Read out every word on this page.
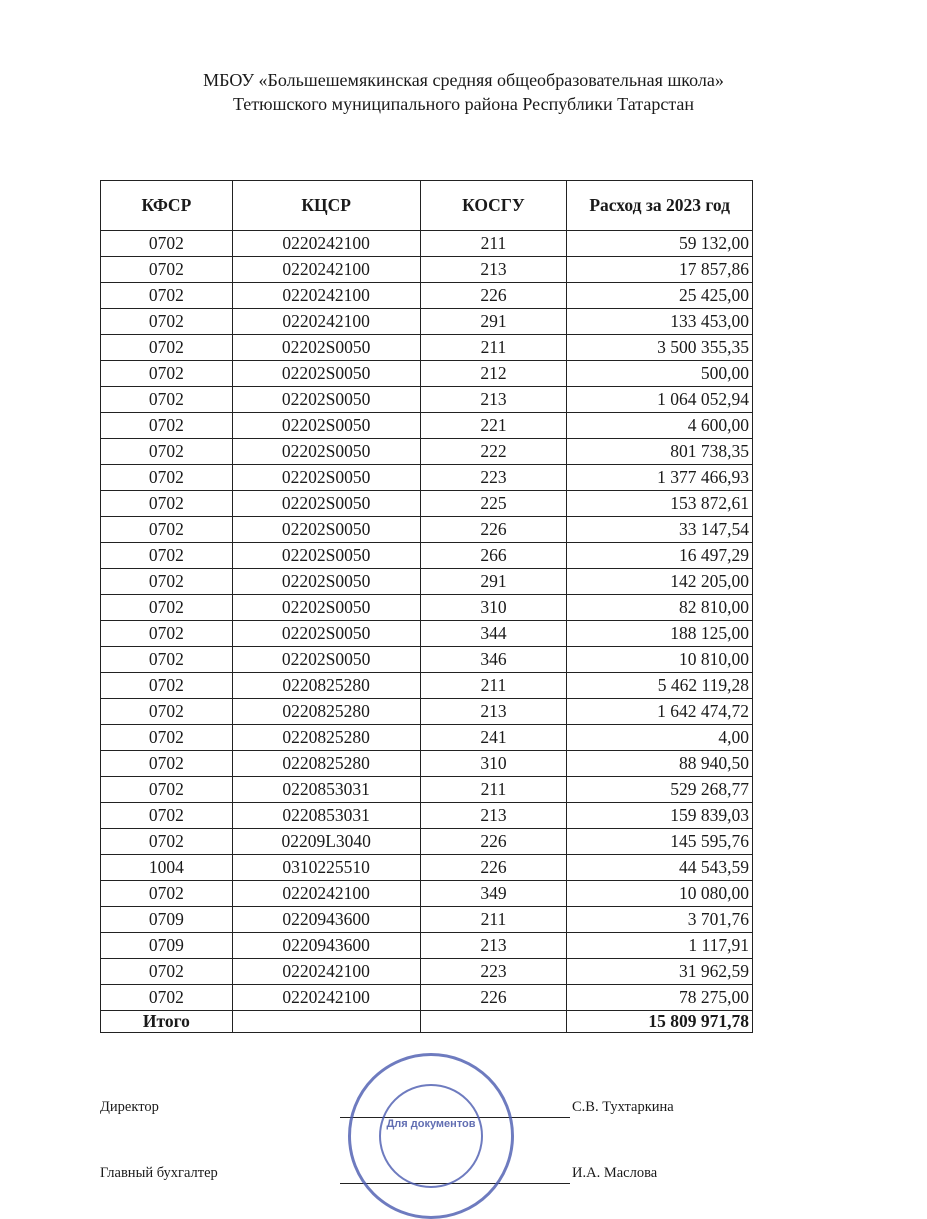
МБОУ «Большешемякинская средняя общеобразовательная школа»
Тетюшского муниципального района Республики Татарстан
КФСР	КЦСР	КОСГУ	Расход за 2023 год
0702	0220242100	211	59 132,00
0702	0220242100	213	17 857,86
0702	0220242100	226	25 425,00
0702	0220242100	291	133 453,00
0702	02202S0050	211	3 500 355,35
0702	02202S0050	212	500,00
0702	02202S0050	213	1 064 052,94
0702	02202S0050	221	4 600,00
0702	02202S0050	222	801 738,35
0702	02202S0050	223	1 377 466,93
0702	02202S0050	225	153 872,61
0702	02202S0050	226	33 147,54
0702	02202S0050	266	16 497,29
0702	02202S0050	291	142 205,00
0702	02202S0050	310	82 810,00
0702	02202S0050	344	188 125,00
0702	02202S0050	346	10 810,00
0702	0220825280	211	5 462 119,28
0702	0220825280	213	1 642 474,72
0702	0220825280	241	4,00
0702	0220825280	310	88 940,50
0702	0220853031	211	529 268,77
0702	0220853031	213	159 839,03
0702	02209L3040	226	145 595,76
1004	0310225510	226	44 543,59
0702	0220242100	349	10 080,00
0709	0220943600	211	3 701,76
0709	0220943600	213	1 117,91
0702	0220242100	223	31 962,59
0702	0220242100	226	78 275,00
Итого			15 809 971,78
Директор	С.В. Тухтаркина
Главный бухгалтер	И.А. Маслова
Для документов
